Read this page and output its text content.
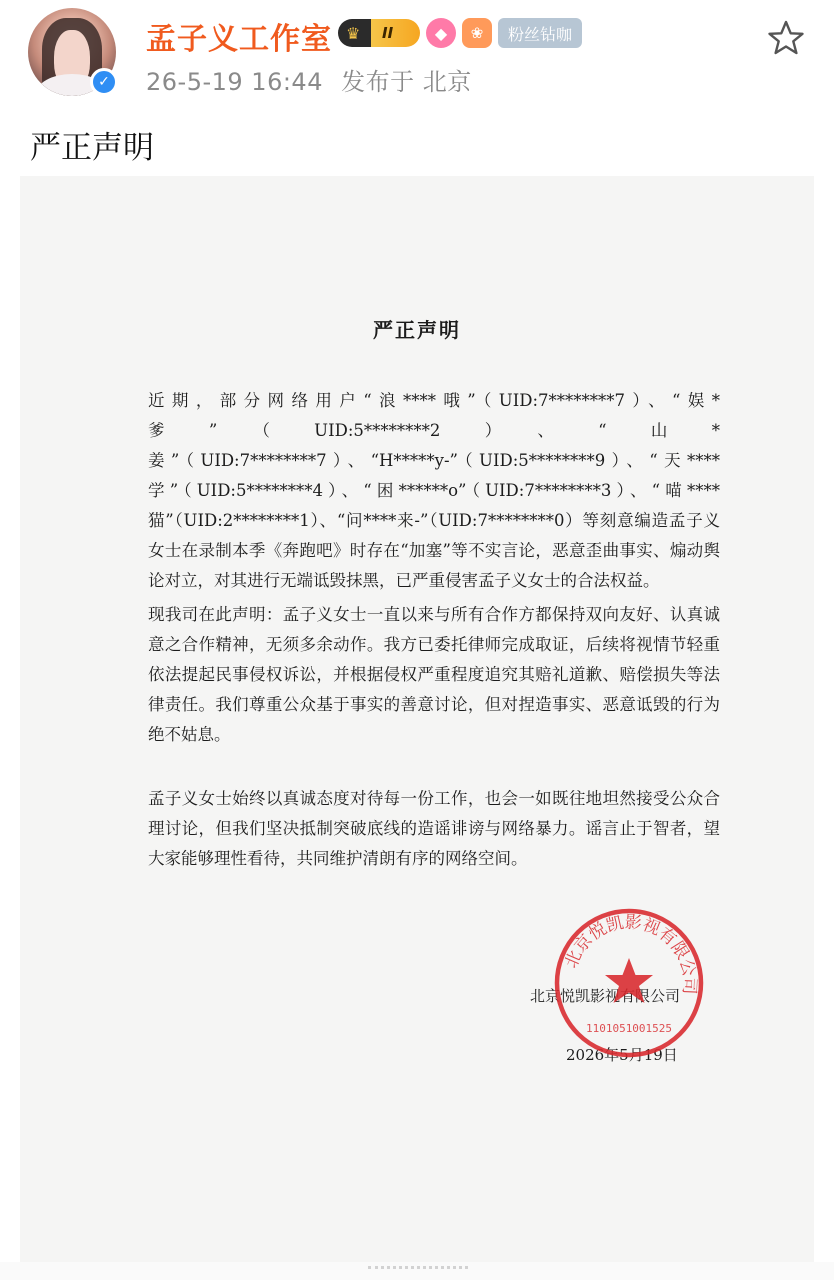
✓
孟子义工作室 ♛	II	◆	❀	粉丝钻咖
26-5-19 16:44 发布于 北京
严正声明
严正声明
近期，部分网络用户“浪****哦”（UID:7********7）、“娱*爹”（UID:5********2）、“山*姜”（UID:7********7）、“H*****y-”（UID:5********9）、“天****学”（UID:5********4）、“困******o”（UID:7********3）、“喵****猫”（UID:2********1）、“问****来-”（UID:7********0）等刻意编造孟子义女士在录制本季《奔跑吧》时存在“加塞”等不实言论，恶意歪曲事实、煽动舆论对立，对其进行无端诋毁抹黑，已严重侵害孟子义女士的合法权益。
现我司在此声明：孟子义女士一直以来与所有合作方都保持双向友好、认真诚意之合作精神，无须多余动作。我方已委托律师完成取证，后续将视情节轻重依法提起民事侵权诉讼，并根据侵权严重程度追究其赔礼道歉、赔偿损失等法律责任。我们尊重公众基于事实的善意讨论，但对捏造事实、恶意诋毁的行为绝不姑息。
孟子义女士始终以真诚态度对待每一份工作，也会一如既往地坦然接受公众合理讨论，但我们坚决抵制突破底线的造谣诽谤与网络暴力。谣言止于智者，望大家能够理性看待，共同维护清朗有序的网络空间。
北京悦凯影视有限公司
2026年5月19日
北京悦凯影视有限公司
1101051001525
